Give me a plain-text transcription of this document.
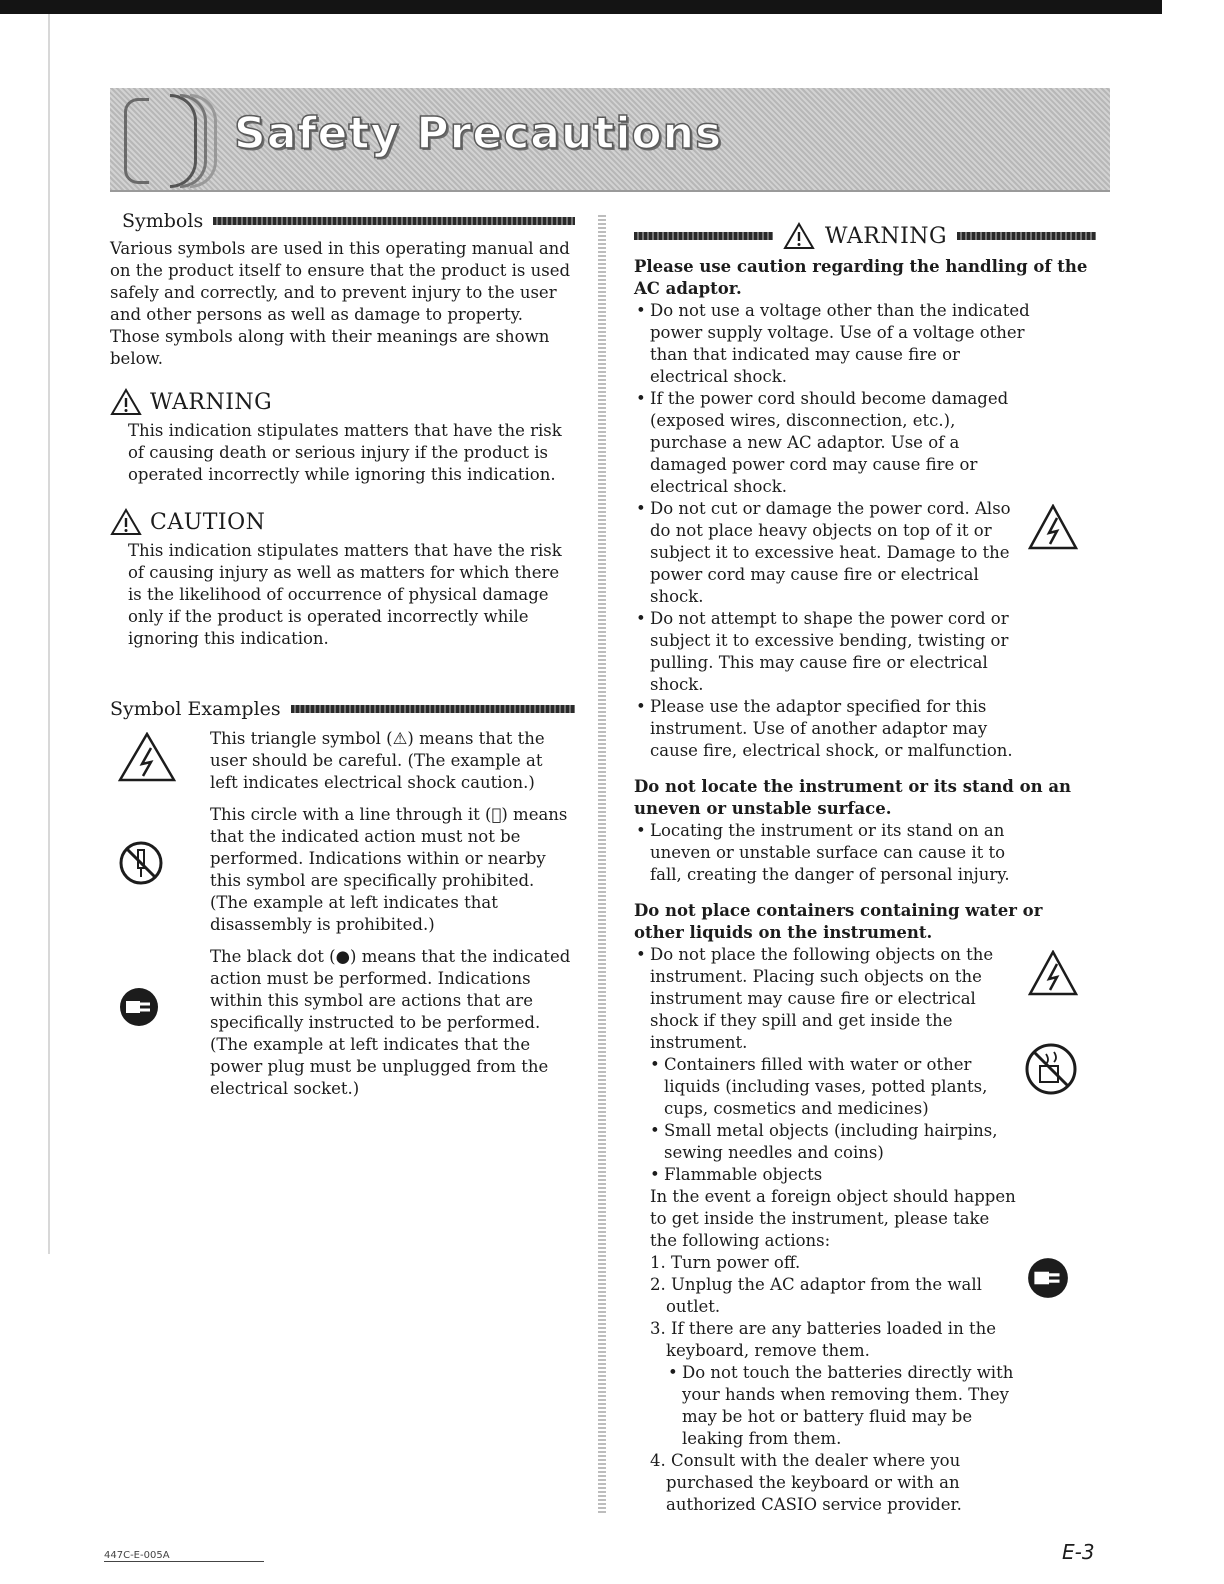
Safety Precautions
Symbols

Various symbols are used in this operating manual and on the product itself to ensure that the product is used safely and correctly, and to prevent injury to the user and other persons as well as damage to property. Those symbols along with their meanings are shown below.

WARNING

This indication stipulates matters that have the risk of causing death or serious injury if the product is operated incorrectly while ignoring this indication.

CAUTION

This indication stipulates matters that have the risk of causing injury as well as matters for which there is the likelihood of occurrence of physical damage only if the product is operated incorrectly while ignoring this indication.

Symbol Examples

This triangle symbol (⚠) means that the user should be careful. (The example at left indicates electrical shock caution.)

This circle with a line through it (⃠) means that the indicated action must not be performed. Indications within or nearby this symbol are specifically prohibited. (The example at left indicates that disassembly is prohibited.)

The black dot (●) means that the indicated action must be performed. Indications within this symbol are actions that are specifically instructed to be performed. (The example at left indicates that the power plug must be unplugged from the electrical socket.)

WARNING

Please use caution regarding the handling of the AC adaptor.

• Do not use a voltage other than the indicated power supply voltage. Use of a voltage other than that indicated may cause fire or electrical shock.
• If the power cord should become damaged (exposed wires, disconnection, etc.), purchase a new AC adaptor. Use of a damaged power cord may cause fire or electrical shock.
• Do not cut or damage the power cord. Also do not place heavy objects on top of it or subject it to excessive heat. Damage to the power cord may cause fire or electrical shock.
• Do not attempt to shape the power cord or subject it to excessive bending, twisting or pulling. This may cause fire or electrical shock.
• Please use the adaptor specified for this instrument. Use of another adaptor may cause fire, electrical shock, or malfunction.

Do not locate the instrument or its stand on an uneven or unstable surface.

• Locating the instrument or its stand on an uneven or unstable surface can cause it to fall, creating the danger of personal injury.

Do not place containers containing water or other liquids on the instrument.

• Do not place the following objects on the instrument. Placing such objects on the instrument may cause fire or electrical shock if they spill and get inside the instrument.
• Containers filled with water or other liquids (including vases, potted plants, cups, cosmetics and medicines)
• Small metal objects (including hairpins, sewing needles and coins)
• Flammable objects

In the event a foreign object should happen to get inside the instrument, please take the following actions:

1. Turn power off.
2. Unplug the AC adaptor from the wall outlet.
3. If there are any batteries loaded in the keyboard, remove them.
• Do not touch the batteries directly with your hands when removing them. They may be hot or battery fluid may be leaking from them.
4. Consult with the dealer where you purchased the keyboard or with an authorized CASIO service provider.
447C-E-005A	E-3
